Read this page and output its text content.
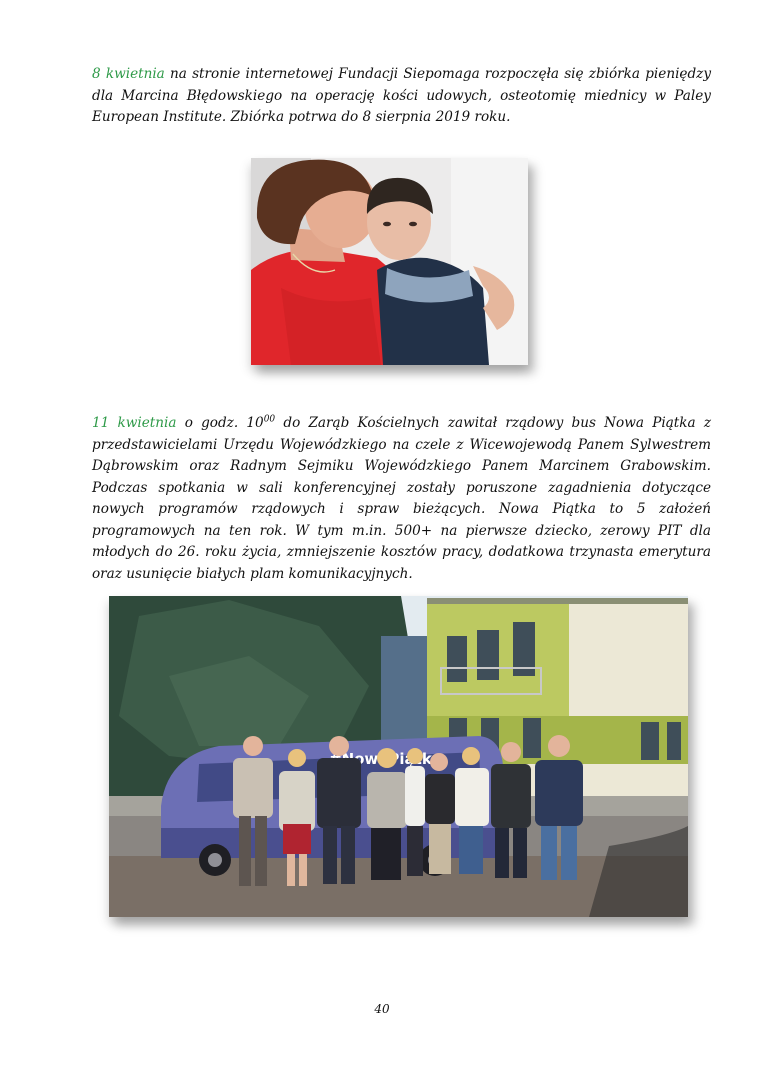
8 kwietnia na stronie internetowej Fundacji Siepomaga rozpoczęła się zbiórka pieniędzy dla Marcina Błędowskiego na operację kości udowych, osteotomię miednicy w Paley European Institute. Zbiórka potrwa do 8 sierpnia 2019 roku.

11 kwietnia o godz. $10^{00}$ do Zarąb Kościelnych zawitał rządowy bus Nowa Piątka z przedstawicielami Urzędu Wojewódzkiego na czele z Wicewojewodą Panem Sylwestrem Dąbrowskim oraz Radnym Sejmiku Wojewódzkiego Panem Marcinem Grabowskim. Podczas spotkania w sali konferencyjnej zostały poruszone zagadnienia dotyczące nowych programów rządowych i spraw bieżących. Nowa Piątka to 5 założeń programowych na ten rok. W tym m.in. 500+ na pierwsze dziecko, zerowy PIT dla młodych do 26. roku życia, zmniejszenie kosztów pracy, dodatkowa trzynasta emerytura oraz usunięcie białych plam komunikacyjnych.

40
